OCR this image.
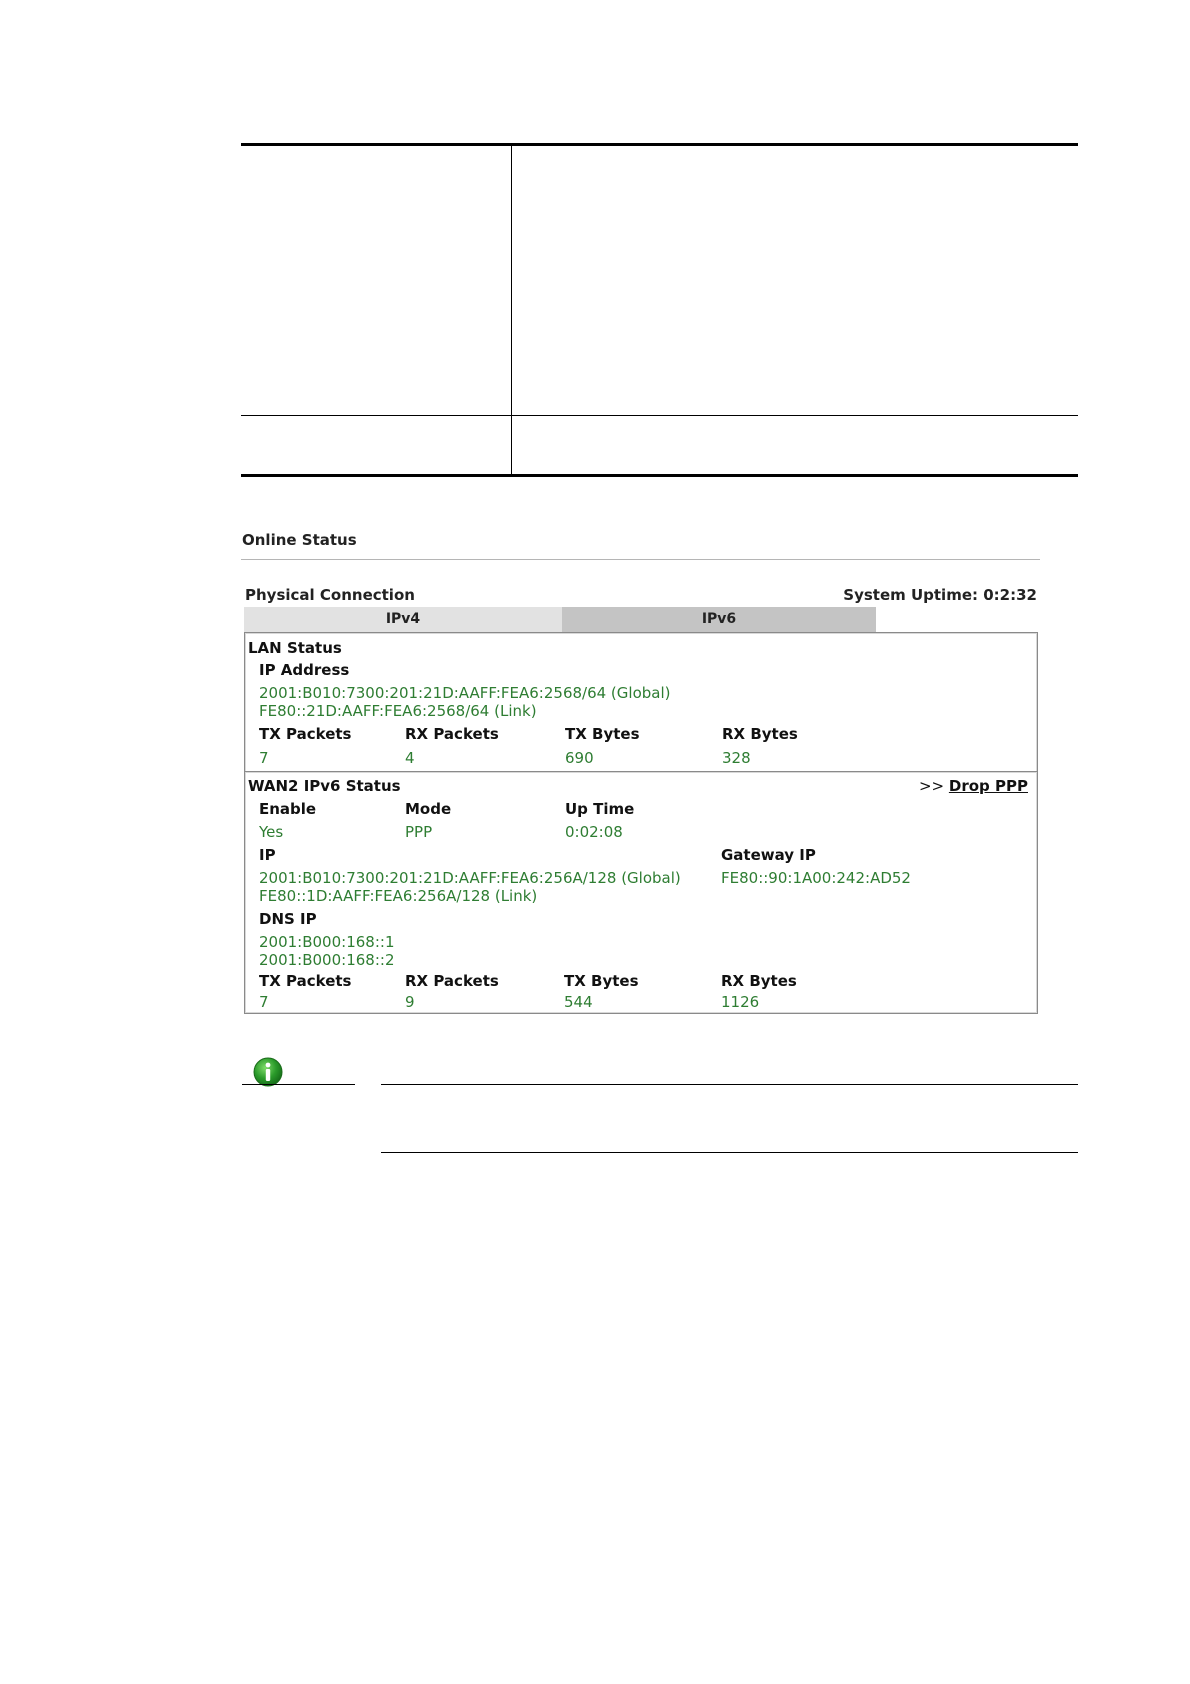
Online Status
Physical Connection	System Uptime: 0:2:32
IPv4	IPv6
LAN Status
IP Address
2001:B010:7300:201:21D:AAFF:FEA6:2568/64 (Global)
FE80::21D:AAFF:FEA6:2568/64 (Link)
TX Packets	RX Packets	TX Bytes	RX Bytes
7	4	690	328
WAN2 IPv6 Status	>> Drop PPP
Enable	Mode	Up Time
Yes	PPP	0:02:08
IP	Gateway IP
2001:B010:7300:201:21D:AAFF:FEA6:256A/128 (Global)	FE80::90:1A00:242:AD52
FE80::1D:AAFF:FEA6:256A/128 (Link)
DNS IP
2001:B000:168::1
2001:B000:168::2
TX Packets	RX Packets	TX Bytes	RX Bytes
7	9	544	1126
